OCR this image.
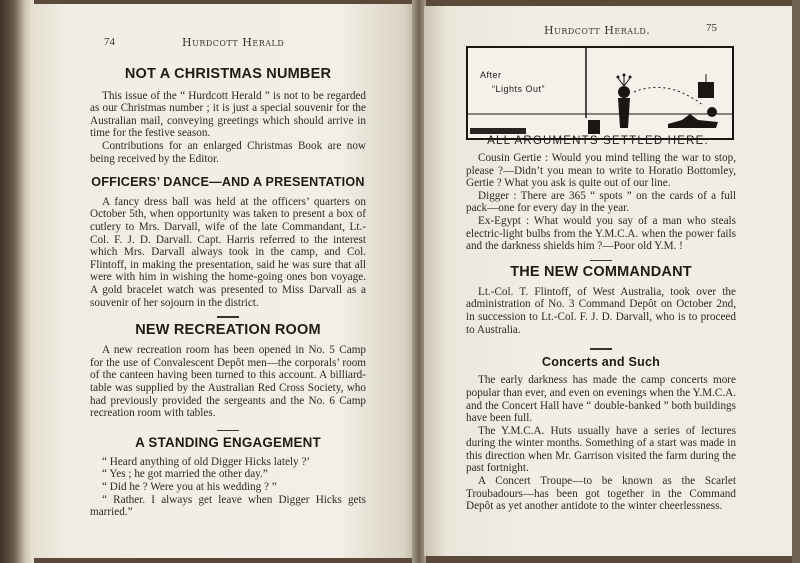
74	Hurdcott Herald
NOT A CHRISTMAS NUMBER

This issue of the “ Hurdcott Herald ” is not to be regarded as our Christmas number ; it is just a special souvenir for the Australian mail, conveying greetings which should arrive in time for the festive season.

Contributions for an enlarged Christmas Book are now being received by the Editor.

OFFICERS’ DANCE—AND A PRESENTATION

A fancy dress ball was held at the officers’ quarters on October 5th, when opportunity was taken to present a box of cutlery to Mrs. Darvall, wife of the late Commandant, Lt.-Col. F. J. D. Darvall. Capt. Harris referred to the interest which Mrs. Darvall always took in the camp, and Col. Flintoff, in making the presentation, said he was sure that all were with him in wishing the home-going ones bon voyage. A gold bracelet watch was presented to Miss Darvall as a souvenir of her sojourn in the district.

NEW RECREATION ROOM

A new recreation room has been opened in No. 5 Camp for the use of Convalescent Depôt men—the corporals’ room of the canteen having been turned to this account. A billiard-table was supplied by the Australian Red Cross Society, who had previously provided the sergeants and the No. 6 Camp recreation room with tables.

A STANDING ENGAGEMENT

“ Heard anything of old Digger Hicks lately ?’

“ Yes ; he got married the other day.”

“ Did he ? Were you at his wedding ? ”

“ Rather. I always get leave when Digger Hicks gets married.”

Hurdcott Herald.	75
After
“Lights Out”
ALL ARGUMENTS SETTLED HERE.

Cousin Gertie : Would you mind telling the war to stop, please ?—Didn’t you mean to write to Horatio Bottomley, Gertie ? What you ask is quite out of our line.

Digger : There are 365 “ spots ” on the cards of a full pack—one for every day in the year.

Ex-Egypt : What would you say of a man who steals electric-light bulbs from the Y.M.C.A. when the power fails and the darkness shields him ?—Poor old Y.M. !

THE NEW COMMANDANT

Lt.-Col. T. Flintoff, of West Australia, took over the administration of No. 3 Command Depôt on October 2nd, in succession to Lt.-Col. F. J. D. Darvall, who is to proceed to Australia.

Concerts and Such

The early darkness has made the camp concerts more popular than ever, and even on evenings when the Y.M.C.A. and the Concert Hall have “ double-banked ” both buildings have been full.

The Y.M.C.A. Huts usually have a series of lectures during the winter months. Something of a start was made in this direction when Mr. Garrison visited the farm during the past fortnight.

A Concert Troupe—to be known as the Scarlet Troubadours—has been got together in the Command Depôt as yet another antidote to the winter cheerlessness.
